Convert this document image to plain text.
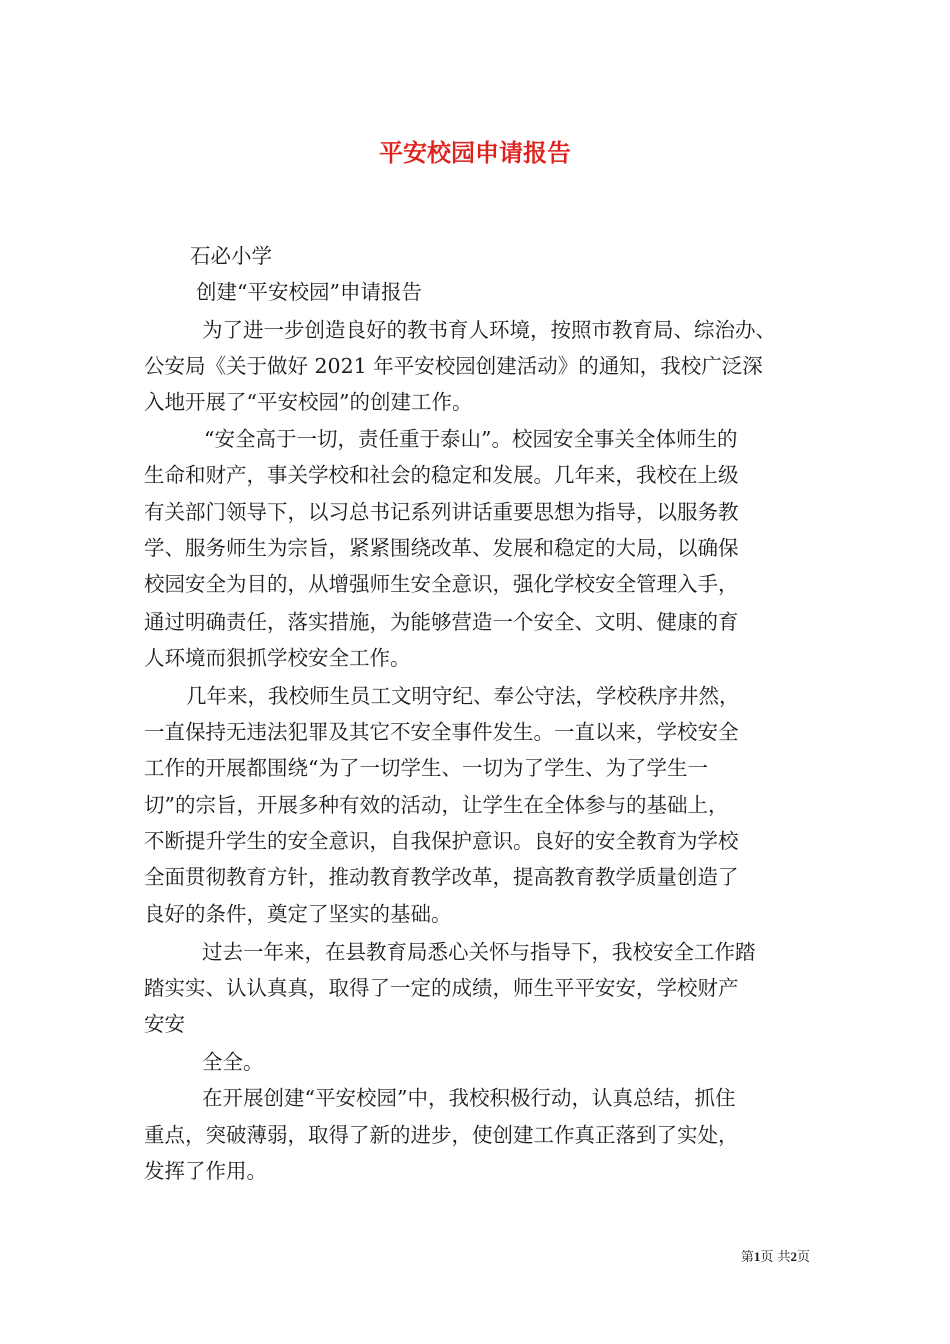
平安校园申请报告

石必小学

创建“平安校园”申请报告

为了进一步创造良好的教书育人环境，按照市教育局、综治办、

公安局《关于做好 2021 年平安校园创建活动》的通知，我校广泛深

入地开展了“平安校园”的创建工作。

“安全高于一切，责任重于泰山”。校园安全事关全体师生的

生命和财产，事关学校和社会的稳定和发展。几年来，我校在上级

有关部门领导下，以习总书记系列讲话重要思想为指导，以服务教

学、服务师生为宗旨，紧紧围绕改革、发展和稳定的大局，以确保

校园安全为目的，从增强师生安全意识，强化学校安全管理入手，

通过明确责任，落实措施，为能够营造一个安全、文明、健康的育

人环境而狠抓学校安全工作。

几年来，我校师生员工文明守纪、奉公守法，学校秩序井然，

一直保持无违法犯罪及其它不安全事件发生。一直以来，学校安全

工作的开展都围绕“为了一切学生、一切为了学生、为了学生一

切”的宗旨，开展多种有效的活动，让学生在全体参与的基础上，

不断提升学生的安全意识，自我保护意识。良好的安全教育为学校

全面贯彻教育方针，推动教育教学改革，提高教育教学质量创造了

良好的条件，奠定了坚实的基础。

过去一年来，在县教育局悉心关怀与指导下，我校安全工作踏

踏实实、认认真真，取得了一定的成绩，师生平平安安，学校财产

安安

全全。

在开展创建“平安校园”中，我校积极行动，认真总结，抓住

重点，突破薄弱，取得了新的进步，使创建工作真正落到了实处，

发挥了作用。

第1页 共2页
